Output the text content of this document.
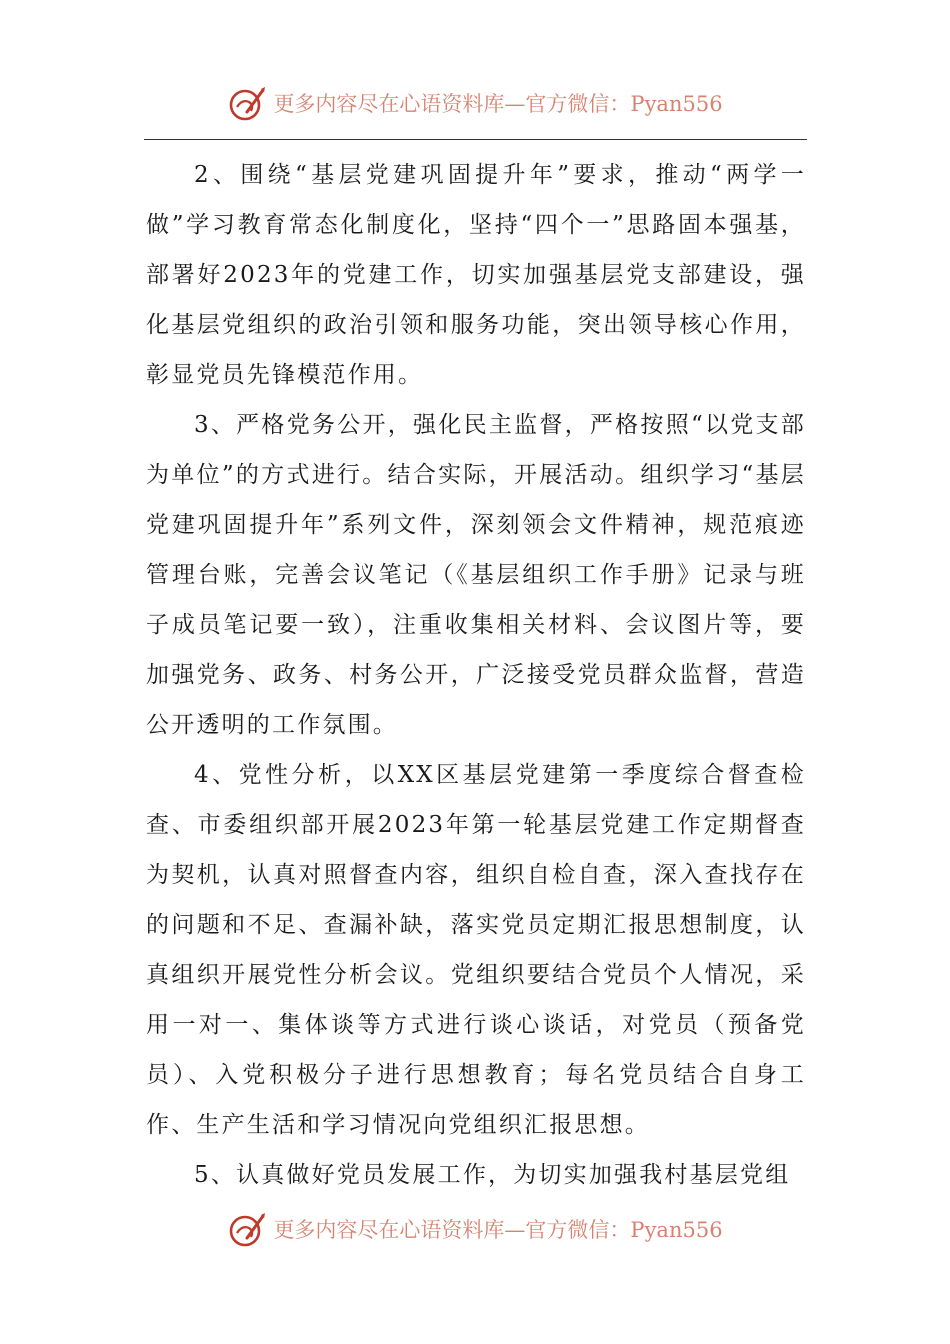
更多内容尽在心语资料库—官方微信：Pyan556

2、围绕“基层党建巩固提升年”要求，推动“两学一做”学习教育常态化制度化，坚持“四个一”思路固本强基，部署好2023年的党建工作，切实加强基层党支部建设，强化基层党组织的政治引领和服务功能，突出领导核心作用，彰显党员先锋模范作用。

3、严格党务公开，强化民主监督，严格按照“以党支部为单位”的方式进行。结合实际，开展活动。组织学习“基层党建巩固提升年”系列文件，深刻领会文件精神，规范痕迹管理台账，完善会议笔记（《基层组织工作手册》记录与班子成员笔记要一致），注重收集相关材料、会议图片等，要加强党务、政务、村务公开，广泛接受党员群众监督，营造公开透明的工作氛围。

4、党性分析，以XX区基层党建第一季度综合督查检查、市委组织部开展2023年第一轮基层党建工作定期督查为契机，认真对照督查内容，组织自检自查，深入查找存在的问题和不足、查漏补缺，落实党员定期汇报思想制度，认真组织开展党性分析会议。党组织要结合党员个人情况，采用一对一、集体谈等方式进行谈心谈话，对党员（预备党员）、入党积极分子进行思想教育；每名党员结合自身工作、生产生活和学习情况向党组织汇报思想。

5、认真做好党员发展工作，为切实加强我村基层党组

更多内容尽在心语资料库—官方微信：Pyan556
